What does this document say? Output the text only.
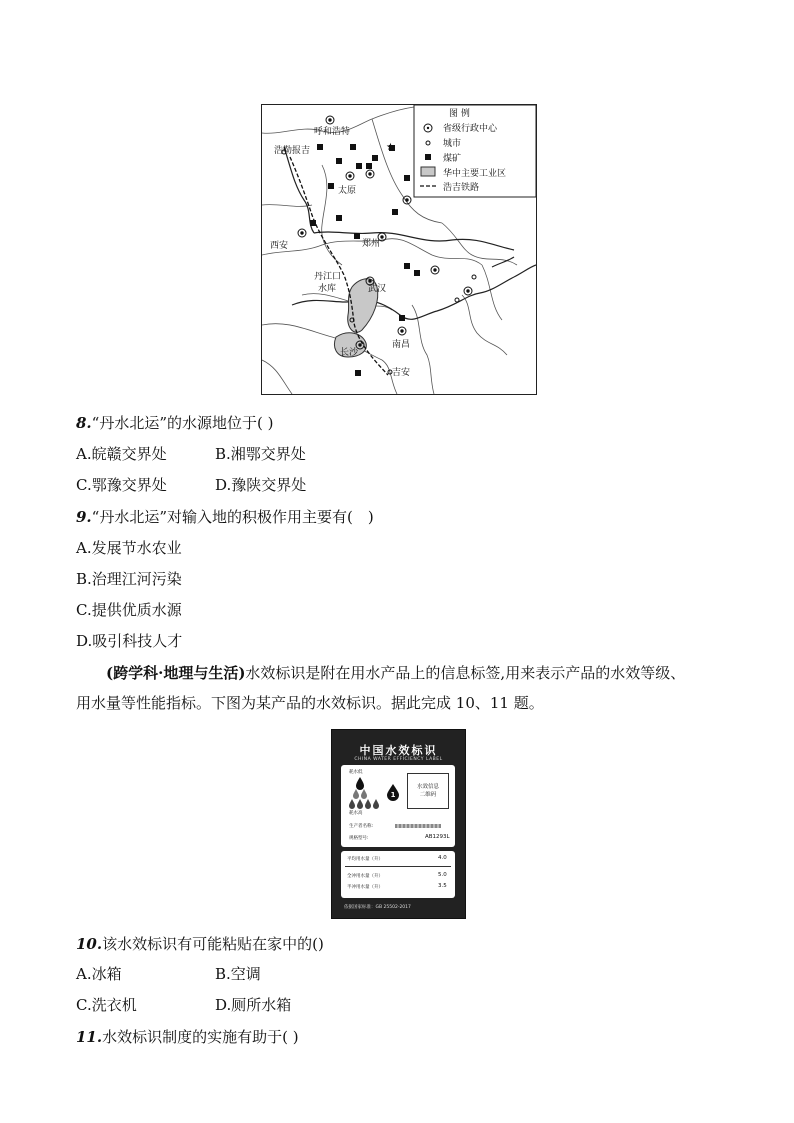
★
图 例
省级行政中心
城市
煤矿
华中主要工业区
浩吉铁路
呼和浩特
浩勒报吉
太原
郑州
西安
丹江口
水库	武汉
南昌
长沙
吉安
8.“丹水北运”的水源地位于( )
A.皖赣交界处	B.湘鄂交界处
C.鄂豫交界处	D.豫陕交界处
9.“丹水北运”对输入地的积极作用主要有(　)
A.发展节水农业
B.治理江河污染
C.提供优质水源
D.吸引科技人才
(跨学科·地理与生活)水效标识是附在用水产品上的信息标签,用来表示产品的水效等级、
用水量等性能指标。下图为某产品的水效标识。据此完成 10、11 题。
中国水效标识
CHINA WATER EFFICIENCY LABEL
耗水低
1
耗水高
水效信息
二维码
生产者名称:
规格型号:	AB1293L
平均用水量（升）	4.0
全冲用水量（升）	5.0
半冲用水量（升）	3.5
依据国家标准：GB 25502-2017
10.该水效标识有可能粘贴在家中的()
A.冰箱	B.空调
C.洗衣机	D.厕所水箱
11.水效标识制度的实施有助于( )
